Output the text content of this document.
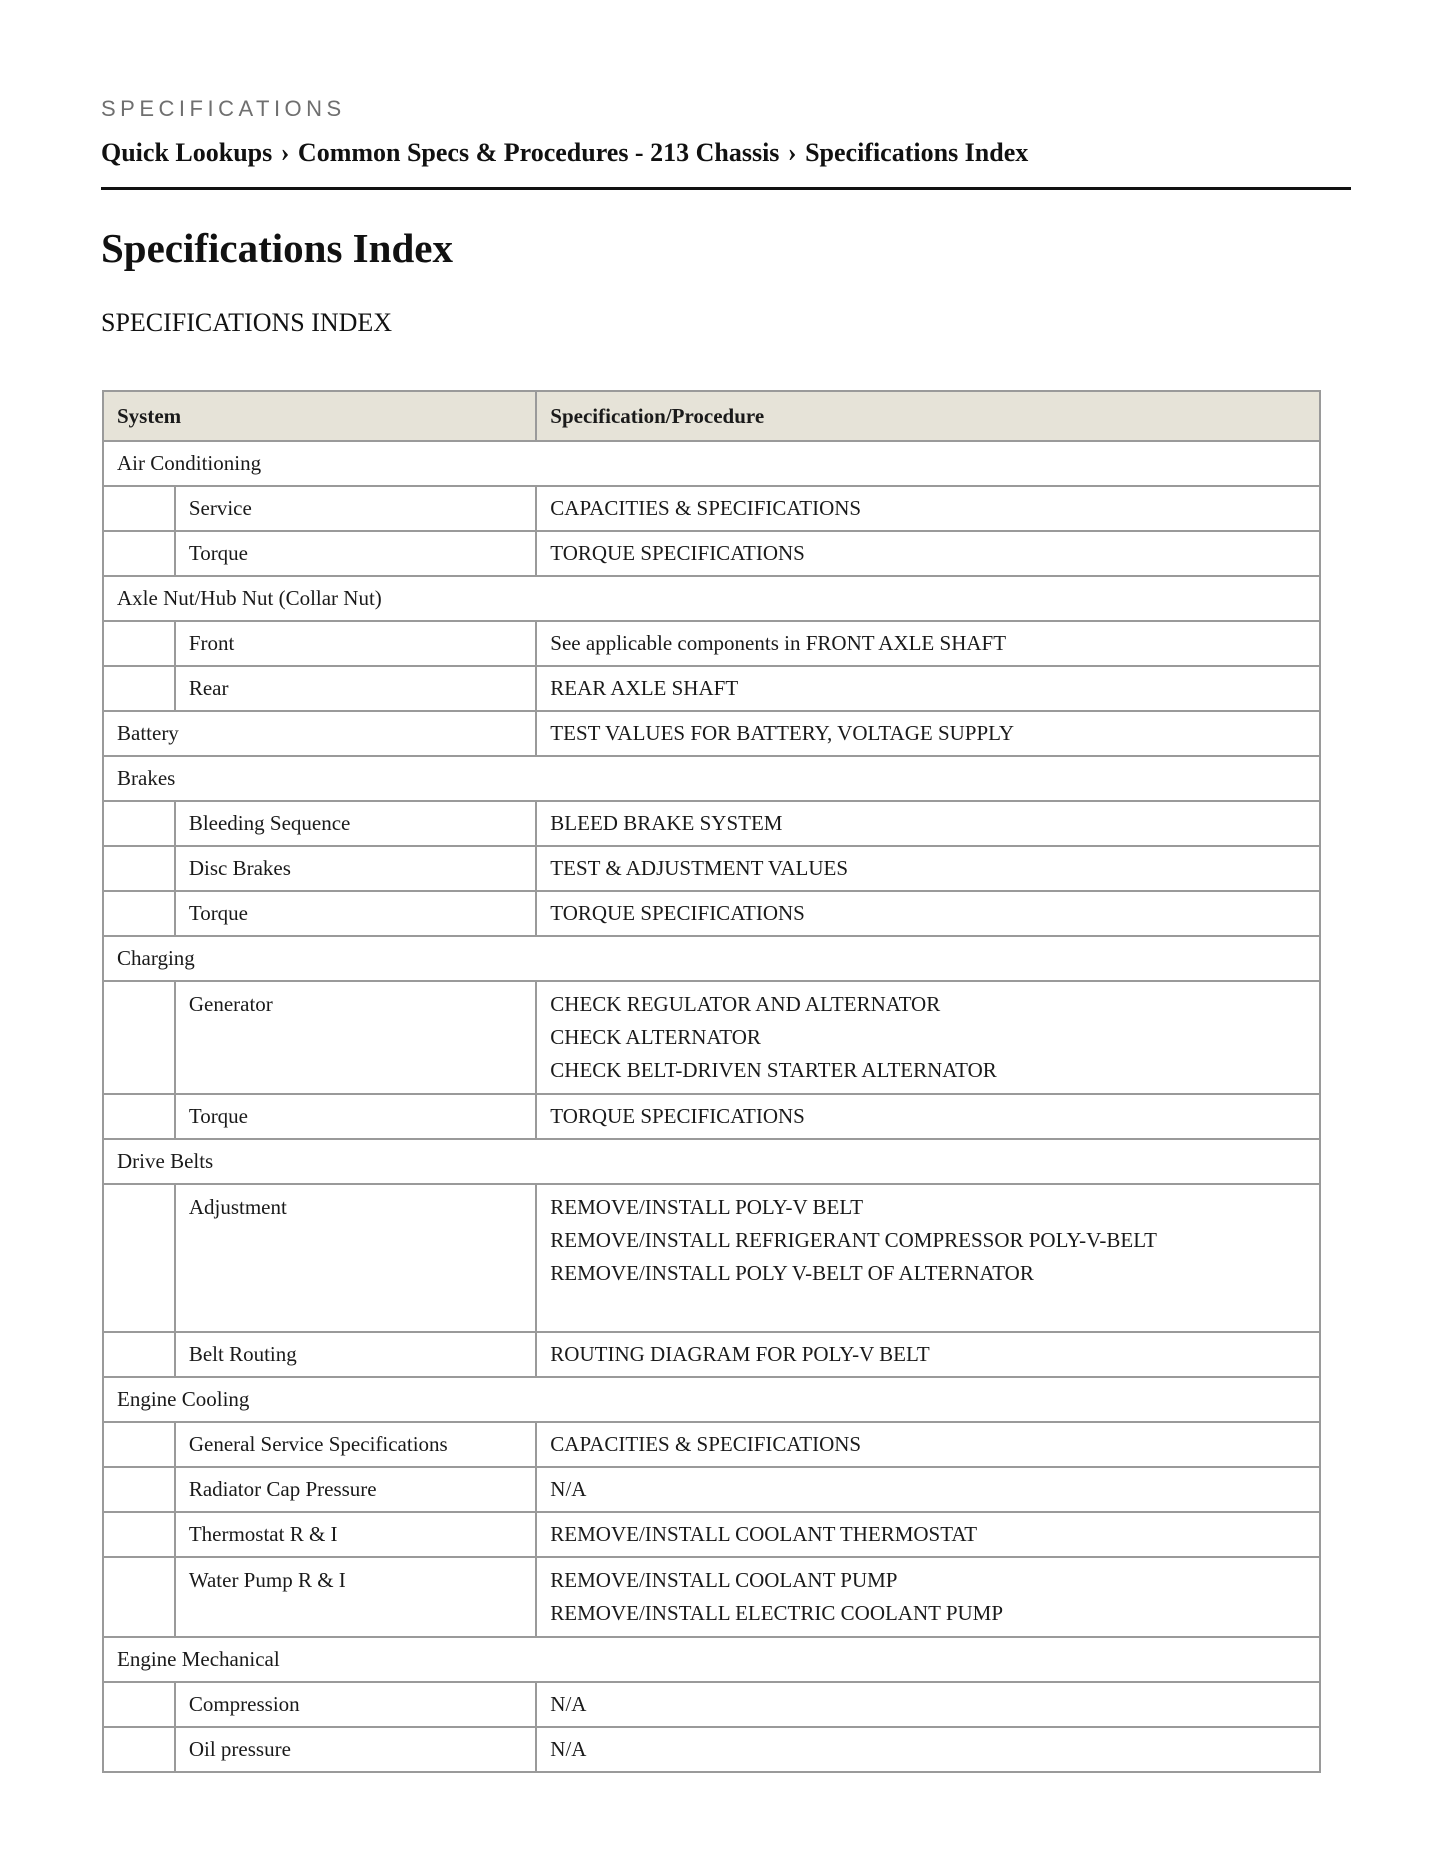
SPECIFICATIONS
Quick Lookups › Common Specs & Procedures - 213 Chassis › Specifications Index
Specifications Index
SPECIFICATIONS INDEX
System		Specification/Procedure
Air Conditioning		
	Service	CAPACITIES & SPECIFICATIONS

	Torque	TORQUE SPECIFICATIONS

Axle Nut/Hub Nut (Collar Nut)		
	Front	See applicable components in FRONT AXLE SHAFT

	Rear	REAR AXLE SHAFT

Battery		TEST VALUES FOR BATTERY, VOLTAGE SUPPLY

Brakes		
	Bleeding Sequence	BLEED BRAKE SYSTEM

	Disc Brakes	TEST & ADJUSTMENT VALUES

	Torque	TORQUE SPECIFICATIONS

Charging		
	Generator	CHECK REGULATOR AND ALTERNATOR
CHECK ALTERNATOR
CHECK BELT-DRIVEN STARTER ALTERNATOR

	Torque	TORQUE SPECIFICATIONS

Drive Belts		
	Adjustment	REMOVE/INSTALL POLY-V BELT
REMOVE/INSTALL REFRIGERANT COMPRESSOR POLY-V-BELT
REMOVE/INSTALL POLY V-BELT OF ALTERNATOR

	Belt Routing	ROUTING DIAGRAM FOR POLY-V BELT

Engine Cooling		
	General Service Specifications	CAPACITIES & SPECIFICATIONS

	Radiator Cap Pressure	N/A

	Thermostat R & I	REMOVE/INSTALL COOLANT THERMOSTAT

	Water Pump R & I	REMOVE/INSTALL COOLANT PUMP
REMOVE/INSTALL ELECTRIC COOLANT PUMP

Engine Mechanical		
	Compression	N/A

	Oil pressure	N/A
